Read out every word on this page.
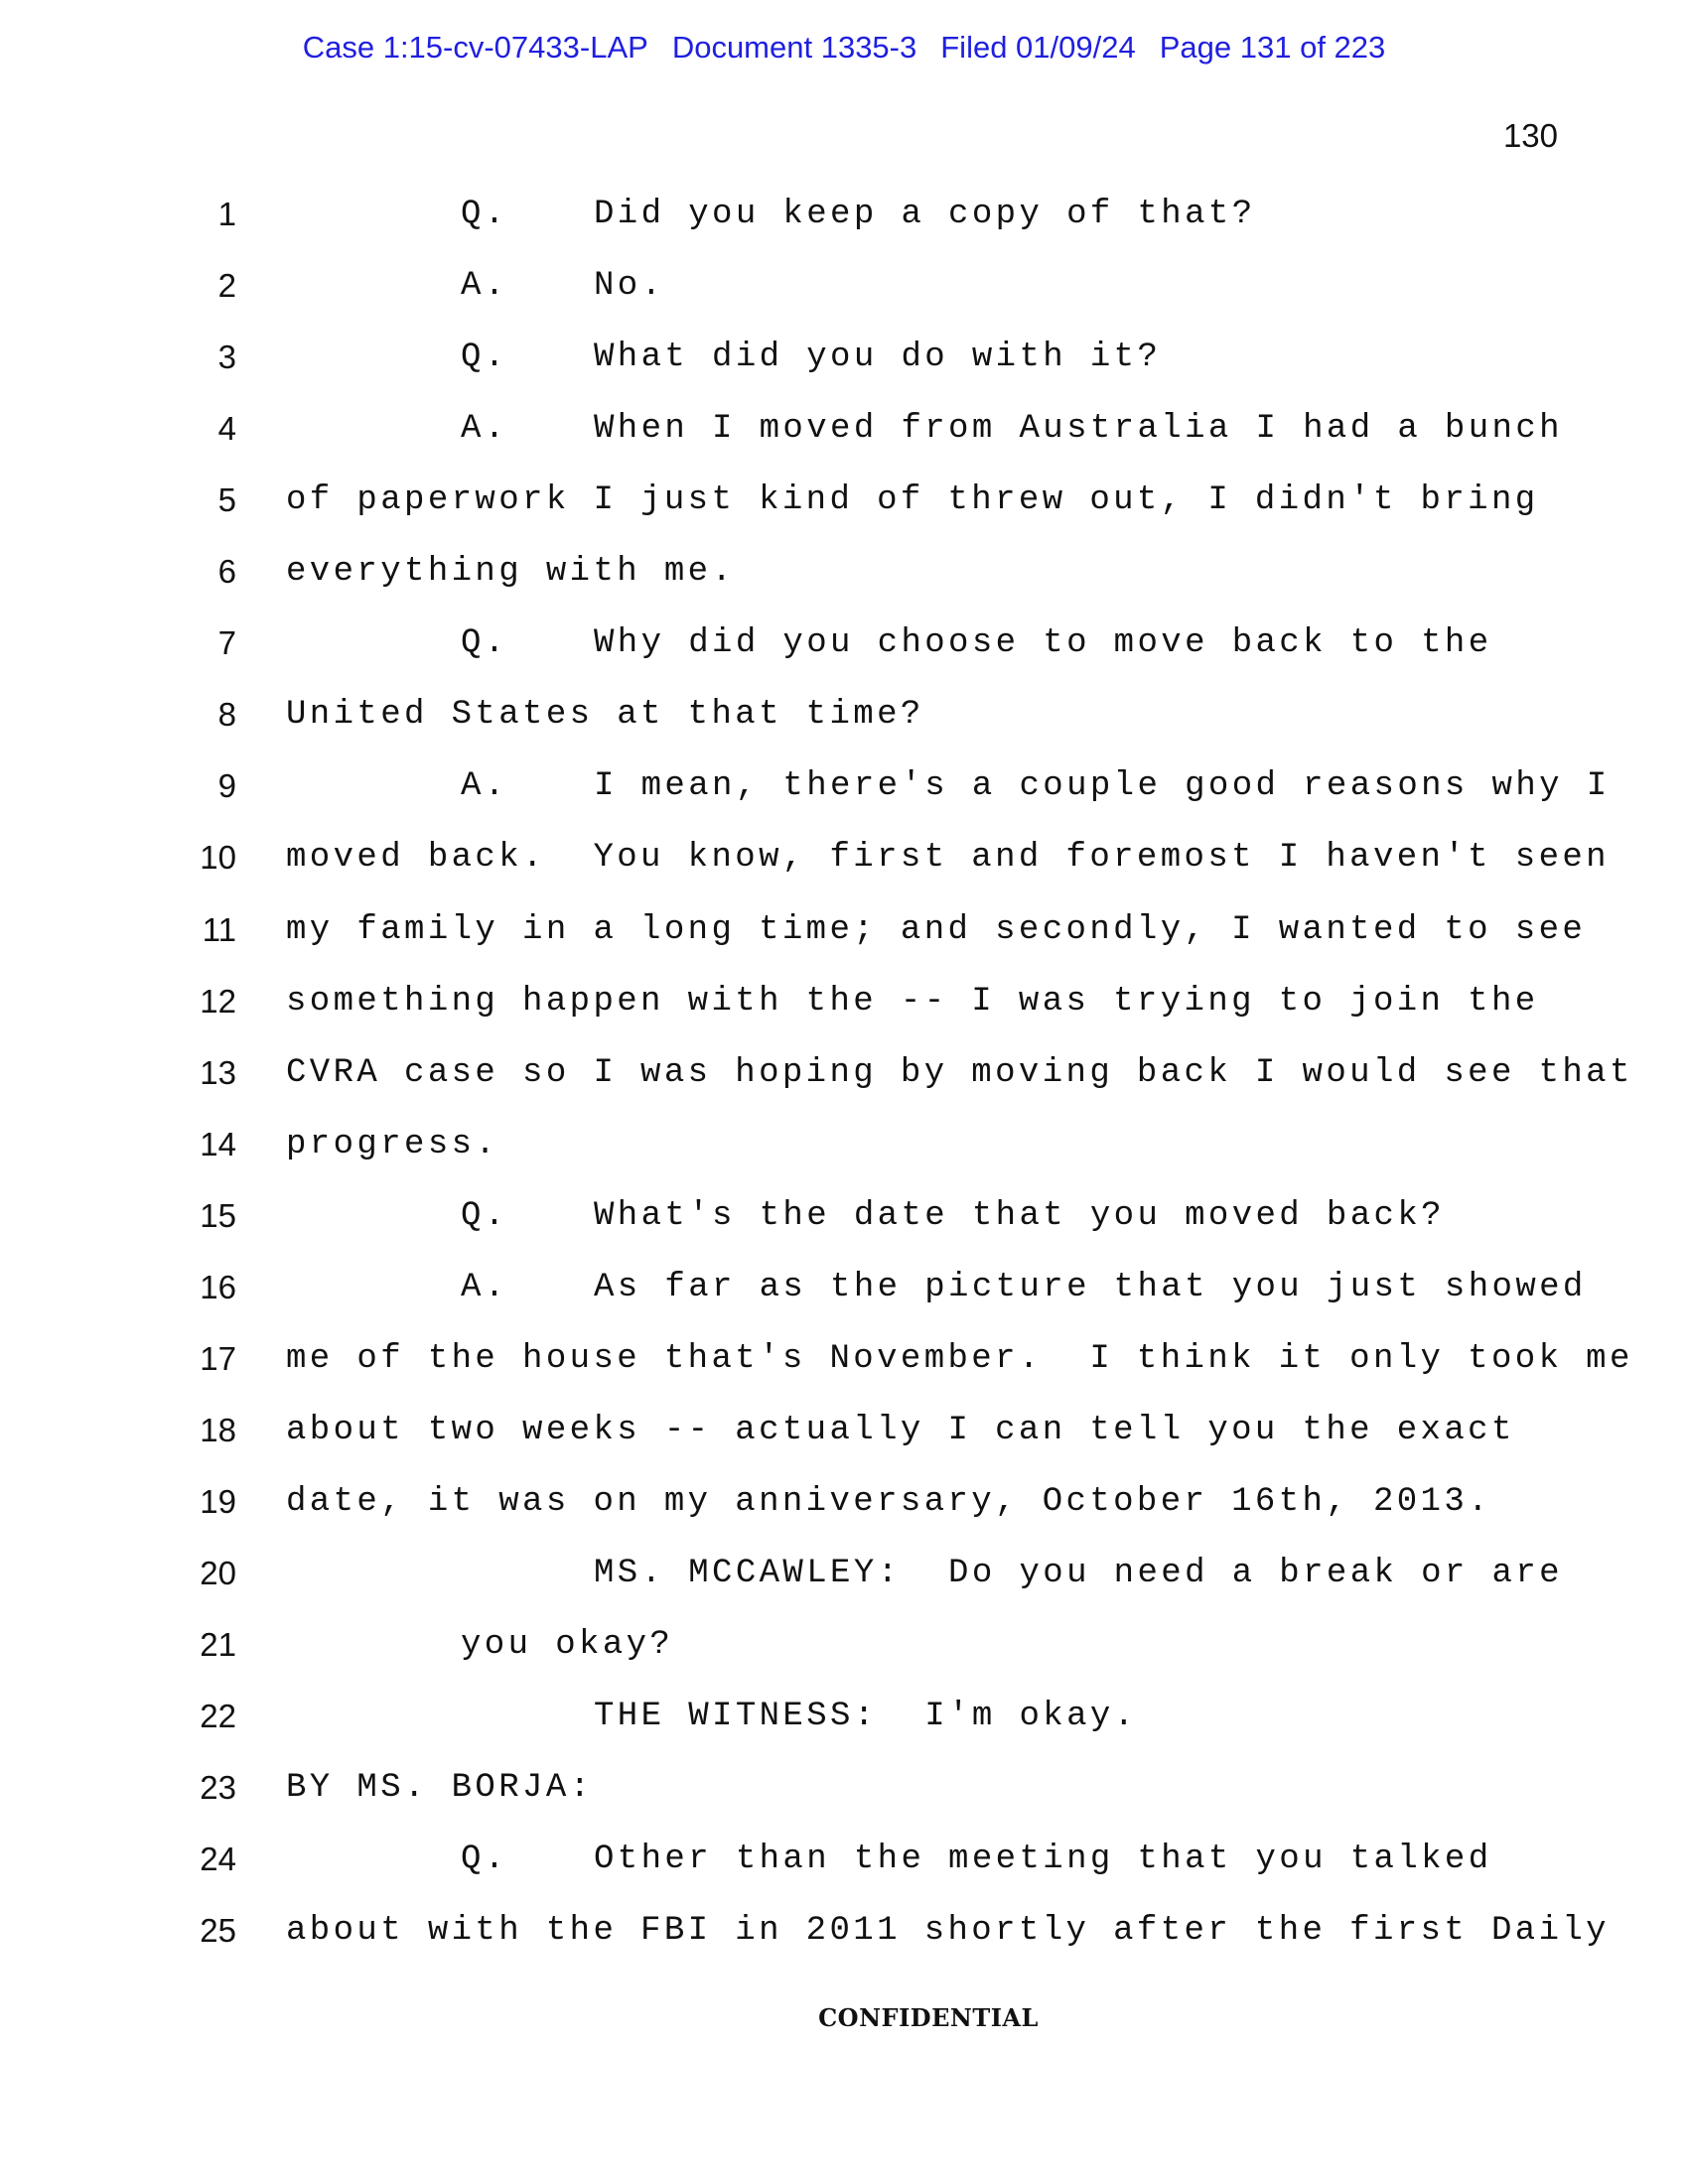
Case 1:15-cv-07433-LAP Document 1335-3 Filed 01/09/24 Page 131 of 223
130
1	Q.	Did you keep a copy of that?
2	A.	No.
3	Q.	What did you do with it?
4	A.	When I moved from Australia I had a bunch
5 of paperwork I just kind of threw out, I didn't bring
6 everything with me.
7	Q.	Why did you choose to move back to the
8 United States at that time?
9	A.	I mean, there's a couple good reasons why I
10 moved back.  You know, first and foremost I haven't seen
11 my family in a long time; and secondly, I wanted to see
12 something happen with the -- I was trying to join the
13 CVRA case so I was hoping by moving back I would see that
14 progress.
15	Q.	What's the date that you moved back?
16	A.	As far as the picture that you just showed
17 me of the house that's November.  I think it only took me
18 about two weeks -- actually I can tell you the exact
19 date, it was on my anniversary, October 16th, 2013.
20	MS. MCCAWLEY:  Do you need a break or are
21	you okay?
22	THE WITNESS:  I'm okay.
23 BY MS. BORJA:
24	Q.	Other than the meeting that you talked
25 about with the FBI in 2011 shortly after the first Daily
CONFIDENTIAL
